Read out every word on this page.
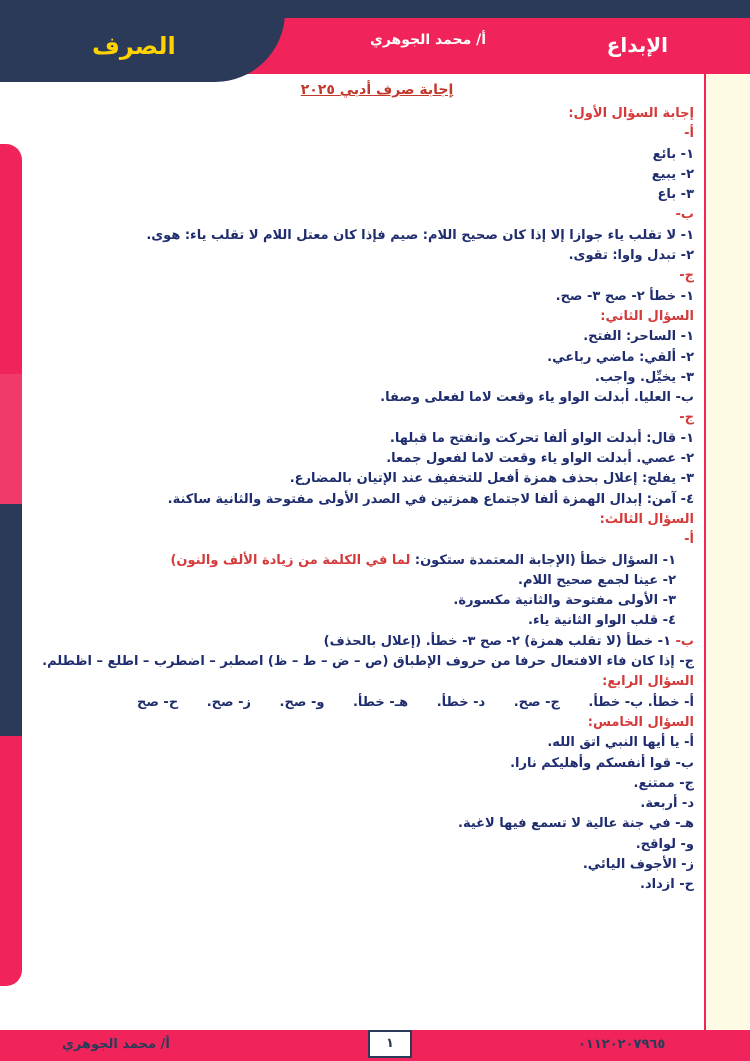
الصرف	أ/ محمد الجوهري	الإبداع
إجابة صرف أدبي ٢٠٢٥
إجابة السؤال الأول:
أ-
١- بائع
٢- يبيع
٣- باع
ب-
١- لا تقلب ياء جوازا إلا إذا كان صحيح اللام: صيم فإذا كان معتل اللام لا تقلب ياء: هوى.
٢- تبدل واوا: تقوى.
ج-
١- خطأ ٢- صح ٣- صح.
السؤال الثاني:
١- الساحر: الفتح.
٢- ألقي: ماضي رباعي.
٣- يخيِّل. واجب.
ب- العليا. أبدلت الواو ياء وقعت لاما لفعلى وصفا.
ج-
١- قال: أبدلت الواو ألفا تحركت وانفتح ما قبلها.
٢- عصي. أبدلت الواو ياء وقعت لاما لفعول جمعا.
٣- يفلح: إعلال بحذف همزة أفعل للتخفيف عند الإتيان بالمضارع.
٤- آمن: إبدال الهمزة ألفا لاجتماع همزتين في الصدر الأولى مفتوحة والثانية ساكنة.
السؤال الثالث:
أ-
١- السؤال خطأ (الإجابة المعتمدة ستكون: لما في الكلمة من زيادة الألف والنون)
٢- عينا لجمع صحيح اللام.
٣- الأولى مفتوحة والثانية مكسورة.
٤- قلب الواو الثانية ياء.
ب- ١- خطأ (لا تقلب همزة) ٢- صح ٣- خطأ. (إعلال بالحذف)
ج- إذا كان فاء الافتعال حرفا من حروف الإطباق (ص – ض – ط – ظ) اصطبر – اضطرب – اطلع – اظطلم.
السؤال الرابع:
أ- خطأ. ب- خطأ. ج- صح. د- خطأ. هـ- خطأ. و- صح. ز- صح. ح- صح
السؤال الخامس:
أ- يا أيها النبي اتق الله.
ب- قوا أنفسكم وأهليكم نارا.
ج- ممتنع.
د- أربعة.
هـ- في جنة عالية لا تسمع فيها لاغية.
و- لواقح.
ز- الأجوف اليائي.
ح- ازداد.
٠١١٢٠٢٠٧٩٦٥
أ/ محمد الجوهري	١
